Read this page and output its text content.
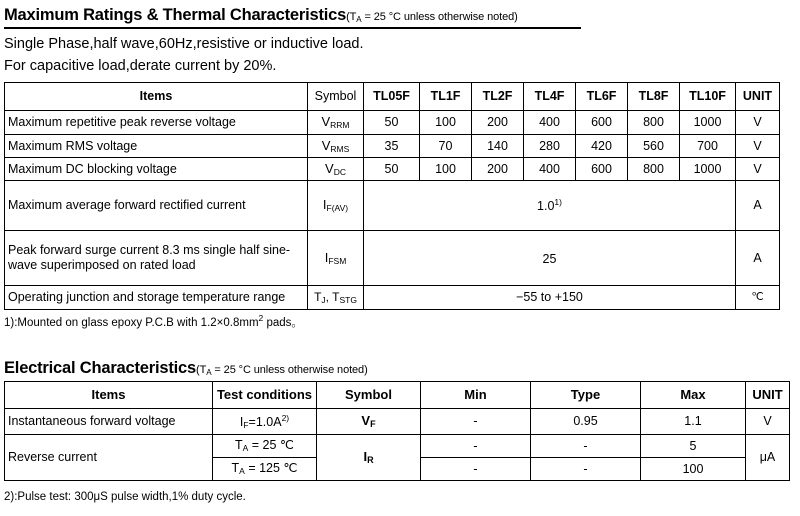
Maximum Ratings & Thermal $Characteristics(T_A = 25$ °C unless otherwise noted)
Single Phase,half wave,60Hz,resistive or inductive load.
For capacitive load,derate current by 20%.
Items	Symbol	TL05F	TL1F	TL2F	TL4F	TL6F	TL8F	TL10F	UNIT
Maximum repetitive peak reverse voltage	$V_{RRM}$	50	100	200	400	600	800	1000	V
Maximum RMS voltage	$V_{RMS}$	35	70	140	280	420	560	700	V
Maximum DC blocking voltage	$V_{DC}$	50	100	200	400	600	800	1000	V
Maximum average forward rectified current	$I_{F(AV)}$	1.0$^{1)}$							A
Peak forward surge current 8.3 ms single half sine-wave superimposed on rated load	$I_{FSM}$	25							A
Operating junction and storage temperature range	$T_J$, $T_{STG}$	−55 to +150							℃
1):Mounted on glass epoxy P.C.B with $1.2\times 0.8mm^2$ pads。
Electrical $Characteristics(T_A = 25$ °C unless otherwise noted)
Items	Test conditions	Symbol	Min	Type	Max	UNIT
Instantaneous forward voltage	$I_F=1.0A^{2)}$	$V_F$	-	0.95	1.1	V
Reverse current	$T_A = 25$ ℃	$I_R$	-	-	5	μA
	$T_A = 125$ ℃		-	-	100	
2):Pulse test: 300μS pulse width,1% duty cycle.
